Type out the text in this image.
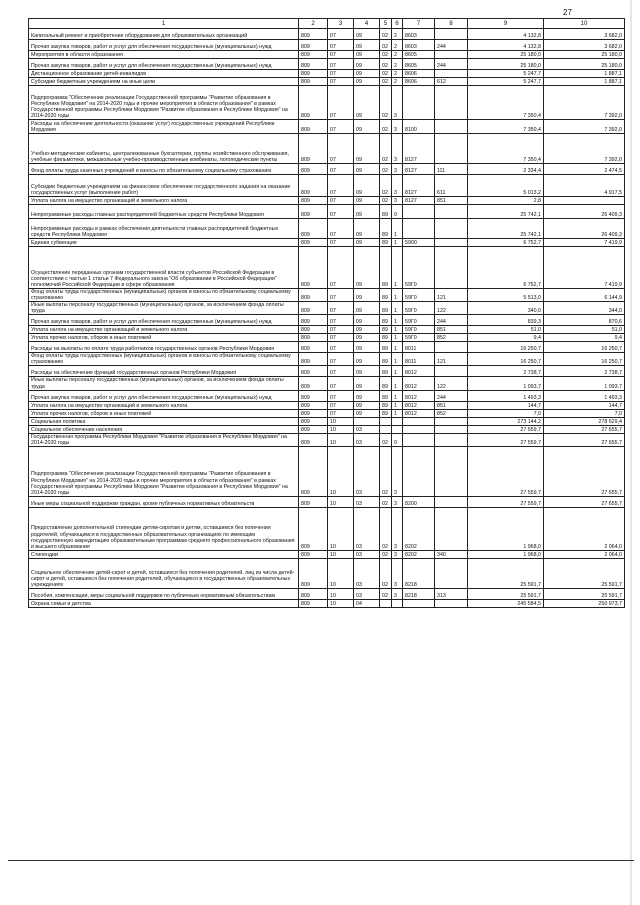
27
1	2	3	4	5	6	7	8	9	10
Капитальный ремонт и приобретение оборудования для образовательных организаций	809	07	09	02	2	8603		4 132,8	3 682,0
Прочая закупка товаров, работ и услуг для обеспечения государственных (муниципальных) нужд	809	07	09	02	2	8603	244	4 132,8	3 682,0
Мероприятия в области образования	809	07	09	02	2	8605		25 180,0	25 180,0
Прочая закупка товаров, работ и услуг для обеспечения государственных (муниципальных) нужд	809	07	09	02	2	8605	244	25 180,0	25 180,0
Дистанционное образование детей-инвалидов	809	07	09	02	2	8606		5 247,7	1 887,1
Субсидии бюджетным учреждениям на иные цели	809	07	09	02	2	8606	612	5 247,7	1 887,1
Подпрограмма "Обеспечение реализации Государственной программы "Развитие образования в Республике Мордовия" на 2014-2020 годы и прочие мероприятия в области образования" в рамках Государственной программы Республики Мордовия "Развитие образования в Республике Мордовия" на 2014-2020 годы	809	07	09	02	3			7 350,4	7 392,0
Расходы на обеспечение деятельности (оказание услуг) государственных учреждений Республики Мордовия	809	07	09	02	3	8100		7 350,4	7 392,0
Учебно-методические кабинеты, централизованные бухгалтерии, группы хозяйственного обслуживания, учебные фильмотеки, межшкольные учебно-производственные комбинаты, логопедические пункты	809	07	09	02	3	8127		7 350,4	7 392,0
Фонд оплаты труда казенных учреждений и взносы по обязательному социальному страхованию	809	07	09	02	3	8127	111	2 334,4	2 474,5
Субсидии бюджетным учреждениям на финансовое обеспечение государственного задания на оказание государственных услуг (выполнение работ)	809	07	09	02	3	8127	611	5 013,2	4 917,5
Уплата налога на имущество организаций и земельного налога	809	07	09	02	3	8127	851	2,8	
Непрограммные расходы главных распорядителей бюджетных средств Республики Мордовия	809	07	09	89	0			25 742,1	26 409,3
Непрограммные расходы в рамках обеспечения деятельности главных распорядителей бюджетных средств Республики Мордовия	809	07	09	89	1			25 742,1	26 409,3
Единая субвенция	809	07	09	89	1	5900		6 752,7	7 419,9
Осуществление переданных органам государственной власти субъектов Российской Федерации в соответствии с частью 1 статьи 7 Федерального закона "Об образовании в Российской Федерации" полномочий Российской Федерации в сфере образования	809	07	09	89	1	59Г0		6 752,7	7 419,9
Фонд оплаты труда государственных (муниципальных) органов и взносы по обязательному социальному страхованию	809	07	09	89	1	59Г0	121	5 513,0	6 144,9
Иные выплаты персоналу государственных (муниципальных) органов, за исключением фонда оплаты труда	809	07	09	89	1	59Г0	122	340,0	344,0
Прочая закупка товаров, работ и услуг для обеспечения государственных (муниципальных) нужд	809	07	09	89	1	59Г0	244	839,3	870,6
Уплата налога на имущество организаций и земельного налога	809	07	09	89	1	59Г0	851	51,0	51,0
Уплата прочих налогов, сборов и иных платежей	809	07	09	89	1	59Г0	852	9,4	9,4
Расходы на выплаты по оплате труда работников государственных органов Республики Мордовия	809	07	09	89	1	8011		16 250,7	16 250,7
Фонд оплаты труда государственных (муниципальных) органов и взносы по обязательному социальному страхованию	809	07	09	89	1	8011	121	16 250,7	16 250,7
Расходы на обеспечение функций государственных органов Республики Мордовия	809	07	09	89	1	8012		2 738,7	2 738,7
Иные выплаты персоналу государственных (муниципальных) органов, за исключением фонда оплаты труда	809	07	09	89	1	8012	122	1 093,7	1 093,7
Прочая закупка товаров, работ и услуг для обеспечения государственных (муниципальных) нужд	809	07	09	89	1	8012	244	1 493,3	1 493,3
Уплата налога на имущество организаций и земельного налога	809	07	09	89	1	8012	851	144,7	144,7
Уплата прочих налогов, сборов и иных платежей	809	07	09	89	1	8012	852	7,0	7,0
Социальная политика	809	10						273 144,2	278 629,4
Социальное обеспечение населения	809	10	03					27 559,7	27 655,7
Государственная программа Республики Мордовия "Развитие образования в Республике Мордовия" на 2014-2020 годы	809	10	03	02	0			27 559,7	27 655,7
Подпрограмма "Обеспечение реализации Государственной программы "Развитие образования в Республике Мордовия" на 2014-2020 годы и прочие мероприятия в области образования" в рамках Государственной программы Республики Мордовия "Развитие образования в Республике Мордовия" на 2014-2020 годы	809	10	03	02	3			27 559,7	27 655,7
Иные меры социальной поддержки граждан, кроме публичных нормативных обязательств	809	10	03	02	3	8200		27 559,7	27 655,7
Предоставление дополнительной стипендии детям-сиротам и детям, оставшимся без попечения родителей, обучающимся в государственных образовательных организациях по имеющим государственную аккредитацию образовательным программам среднего профессионального образования и высшего образования	809	10	03	02	3	8202		1 968,0	2 064,0
Стипендии	809	10	03	02	3	8202	340	1 968,0	2 064,0
Социальное обеспечение детей-сирот и детей, оставшихся без попечения родителей, лиц из числа детей-сирот и детей, оставшихся без попечения родителей, обучающихся в государственных образовательных учреждениях	809	10	03	02	3	8218		25 591,7	25 591,7
Пособия, компенсации, меры социальной поддержки по публичным нормативным обязательствам	809	10	03	02	3	8218	313	25 591,7	25 591,7
Охрана семьи и детства	809	10	04					245 584,5	250 973,7
